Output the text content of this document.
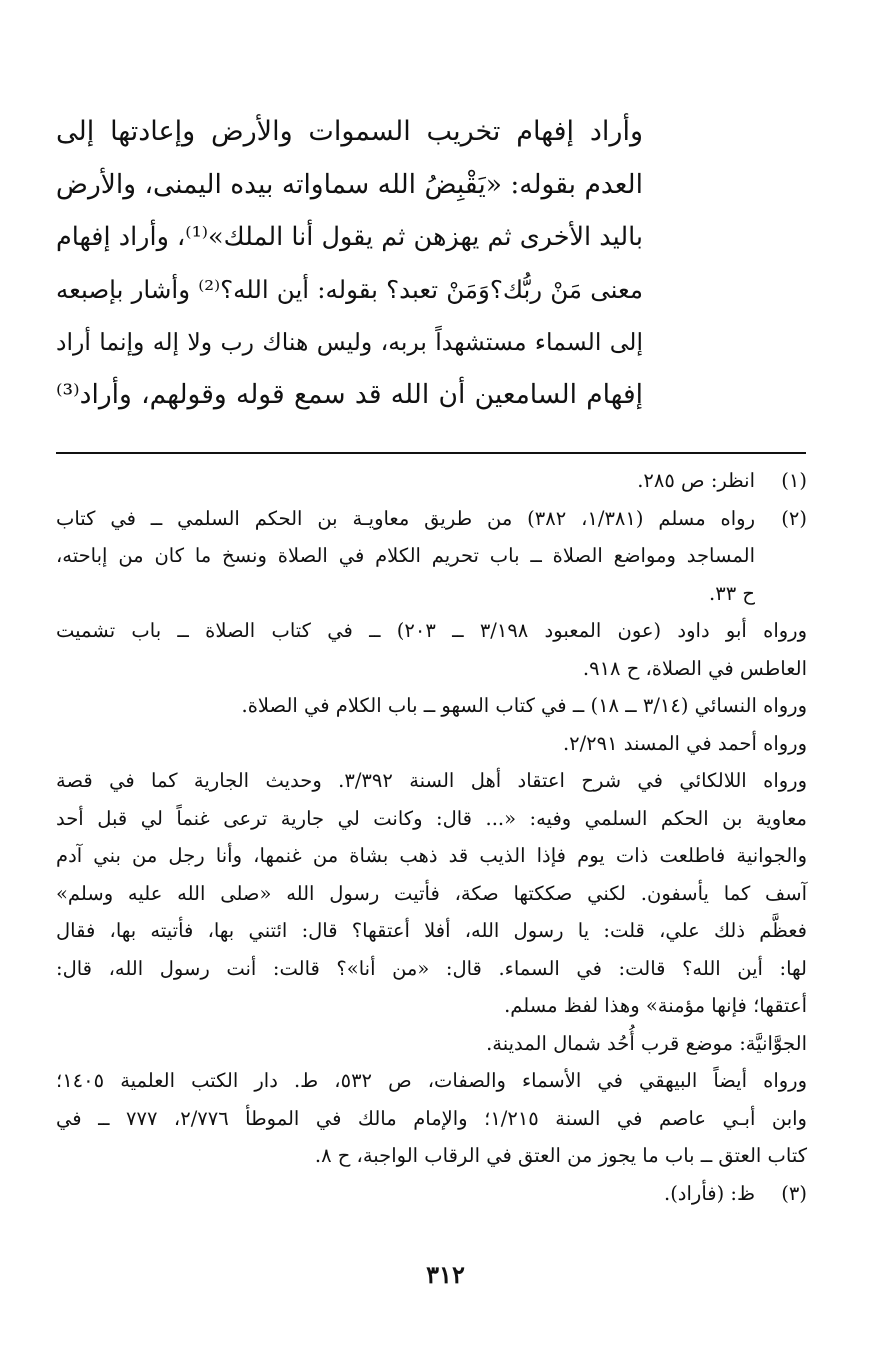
وأراد إفهام تخريب السموات والأرض وإعادتها إلى
العدم بقوله: «يَقْبِضُ الله سماواته بيده اليمنى، والأرض
باليد الأخرى ثم يهزهن ثم يقول أنا الملك»⁽¹⁾، وأراد إفهام
معنى مَنْ ربُّك؟وَمَنْ تعبد؟ بقوله: أين الله؟⁽²⁾ وأشار بإصبعه
إلى السماء مستشهداً بربه، وليس هناك رب ولا إله وإنما أراد
إفهام السامعين أن الله قد سمع قوله وقولهم، وأراد⁽³⁾
(١)
انظر: ص ٢٨٥.
(٢)
رواه مسلم (١/٣٨١، ٣٨٢) من طريق معاويـة بن الحكم السلمي ــ في كتاب
المساجد ومواضع الصلاة ــ باب تحريم الكلام في الصلاة ونسخ ما كان من إباحته،
ح ٣٣.
ورواه أبو داود (عون المعبود ٣/١٩٨ ــ ٢٠٣) ــ في كتاب الصلاة ــ باب تشميت
العاطس في الصلاة، ح ٩١٨.
ورواه النسائي (٣/١٤ ــ ١٨) ــ في كتاب السهو ــ باب الكلام في الصلاة.
ورواه أحمد في المسند ٢/٢٩١.
ورواه اللالكائي في شرح اعتقاد أهل السنة ٣/٣٩٢. وحديث الجارية كما في قصة
معاوية بن الحكم السلمي وفيه: «... قال: وكانت لي جارية ترعى غنماً لي قبل أحد
والجوانية فاطلعت ذات يوم فإذا الذيب قد ذهب بشاة من غنمها، وأنا رجل من بني آدم
آسف كما يأسفون. لكني صككتها صكة، فأتيت رسول الله «صلى الله عليه وسلم»
فعظَّم ذلك علي، قلت: يا رسول الله، أفلا أعتقها؟ قال: ائتني بها، فأتيته بها، فقال
لها: أين الله؟ قالت: في السماء. قال: «من أنا»؟ قالت: أنت رسول الله، قال:
أعتقها؛ فإنها مؤمنة» وهذا لفظ مسلم.
الجوَّانيَّة: موضع قرب أُحُد شمال المدينة.
ورواه أيضاً البيهقي في الأسماء والصفات، ص ٥٣٢، ط. دار الكتب العلمية ١٤٠٥؛
وابن أبـي عاصم في السنة ١/٢١٥؛ والإمام مالك في الموطأ ٢/٧٧٦، ٧٧٧ ــ في
كتاب العتق ــ باب ما يجوز من العتق في الرقاب الواجبة، ح ٨.
(٣)
ظ: (فأراد).
٣١٢
